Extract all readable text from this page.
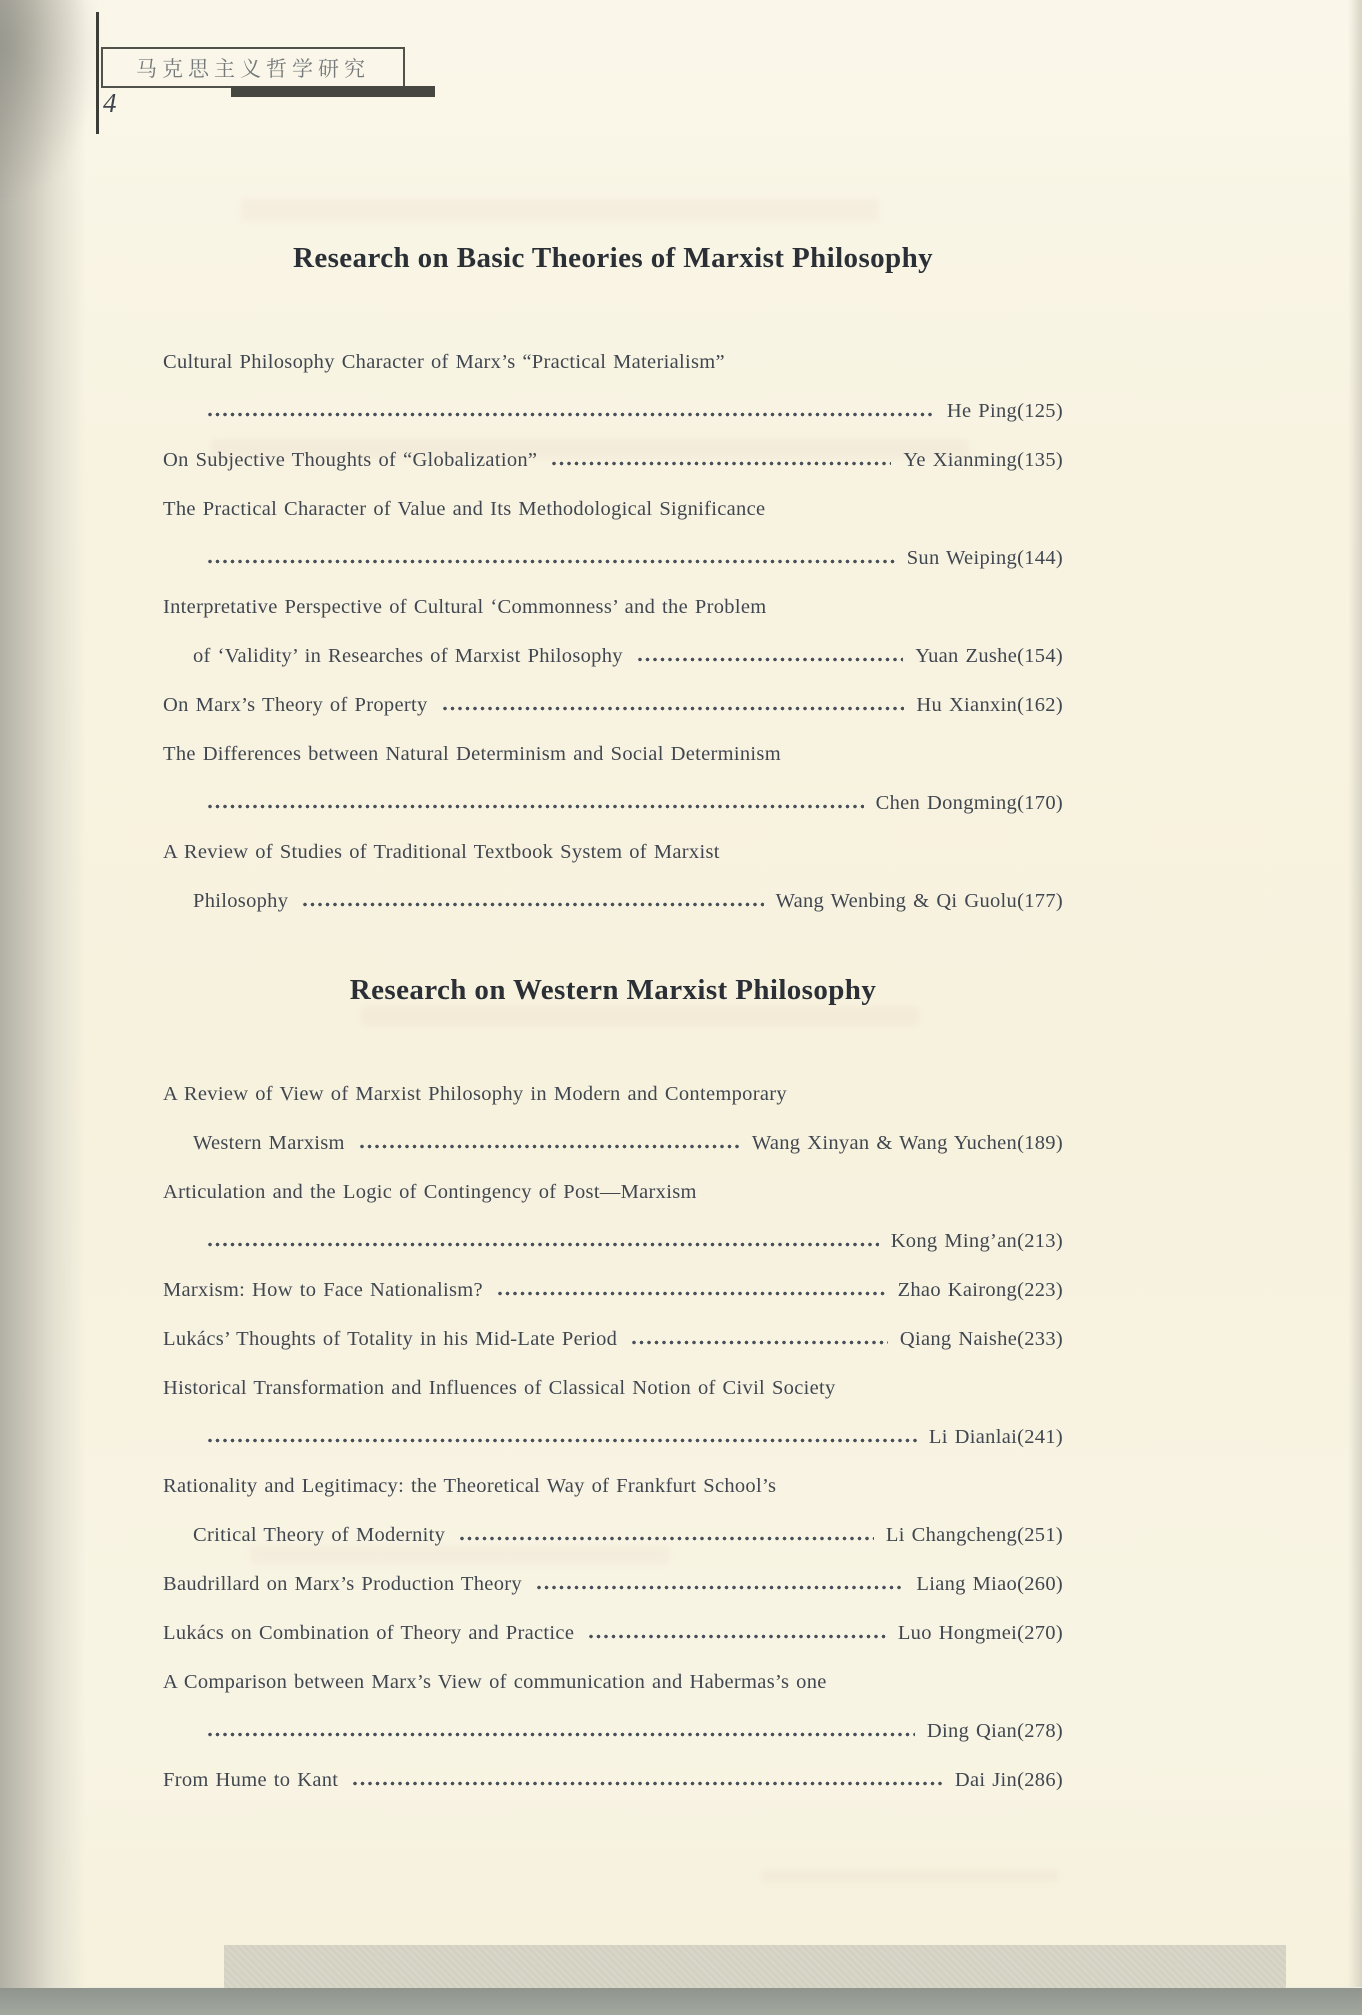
马克思主义哲学研究
4
Research on Basic Theories of Marxist Philosophy
Cultural Philosophy Character of Marx’s “Practical Materialism”
He Ping(125)
On Subjective Thoughts of “Globalization”	Ye Xianming(135)
The Practical Character of Value and Its Methodological Significance
Sun Weiping(144)
Interpretative Perspective of Cultural ‘Commonness’ and the Problem
of ‘Validity’ in Researches of Marxist Philosophy	Yuan Zushe(154)
On Marx’s Theory of Property	Hu Xianxin(162)
The Differences between Natural Determinism and Social Determinism
Chen Dongming(170)
A Review of Studies of Traditional Textbook System of Marxist
Philosophy	Wang Wenbing & Qi Guolu(177)
Research on Western Marxist Philosophy
A Review of View of Marxist Philosophy in Modern and Contemporary
Western Marxism	Wang Xinyan & Wang Yuchen(189)
Articulation and the Logic of Contingency of Post—Marxism
Kong Ming’an(213)
Marxism: How to Face Nationalism?	Zhao Kairong(223)
Lukács’ Thoughts of Totality in his Mid-Late Period	Qiang Naishe(233)
Historical Transformation and Influences of Classical Notion of Civil Society
Li Dianlai(241)
Rationality and Legitimacy: the Theoretical Way of Frankfurt School’s
Critical Theory of Modernity	Li Changcheng(251)
Baudrillard on Marx’s Production Theory	Liang Miao(260)
Lukács on Combination of Theory and Practice	Luo Hongmei(270)
A Comparison between Marx’s View of communication and Habermas’s one
Ding Qian(278)
From Hume to Kant	Dai Jin(286)
